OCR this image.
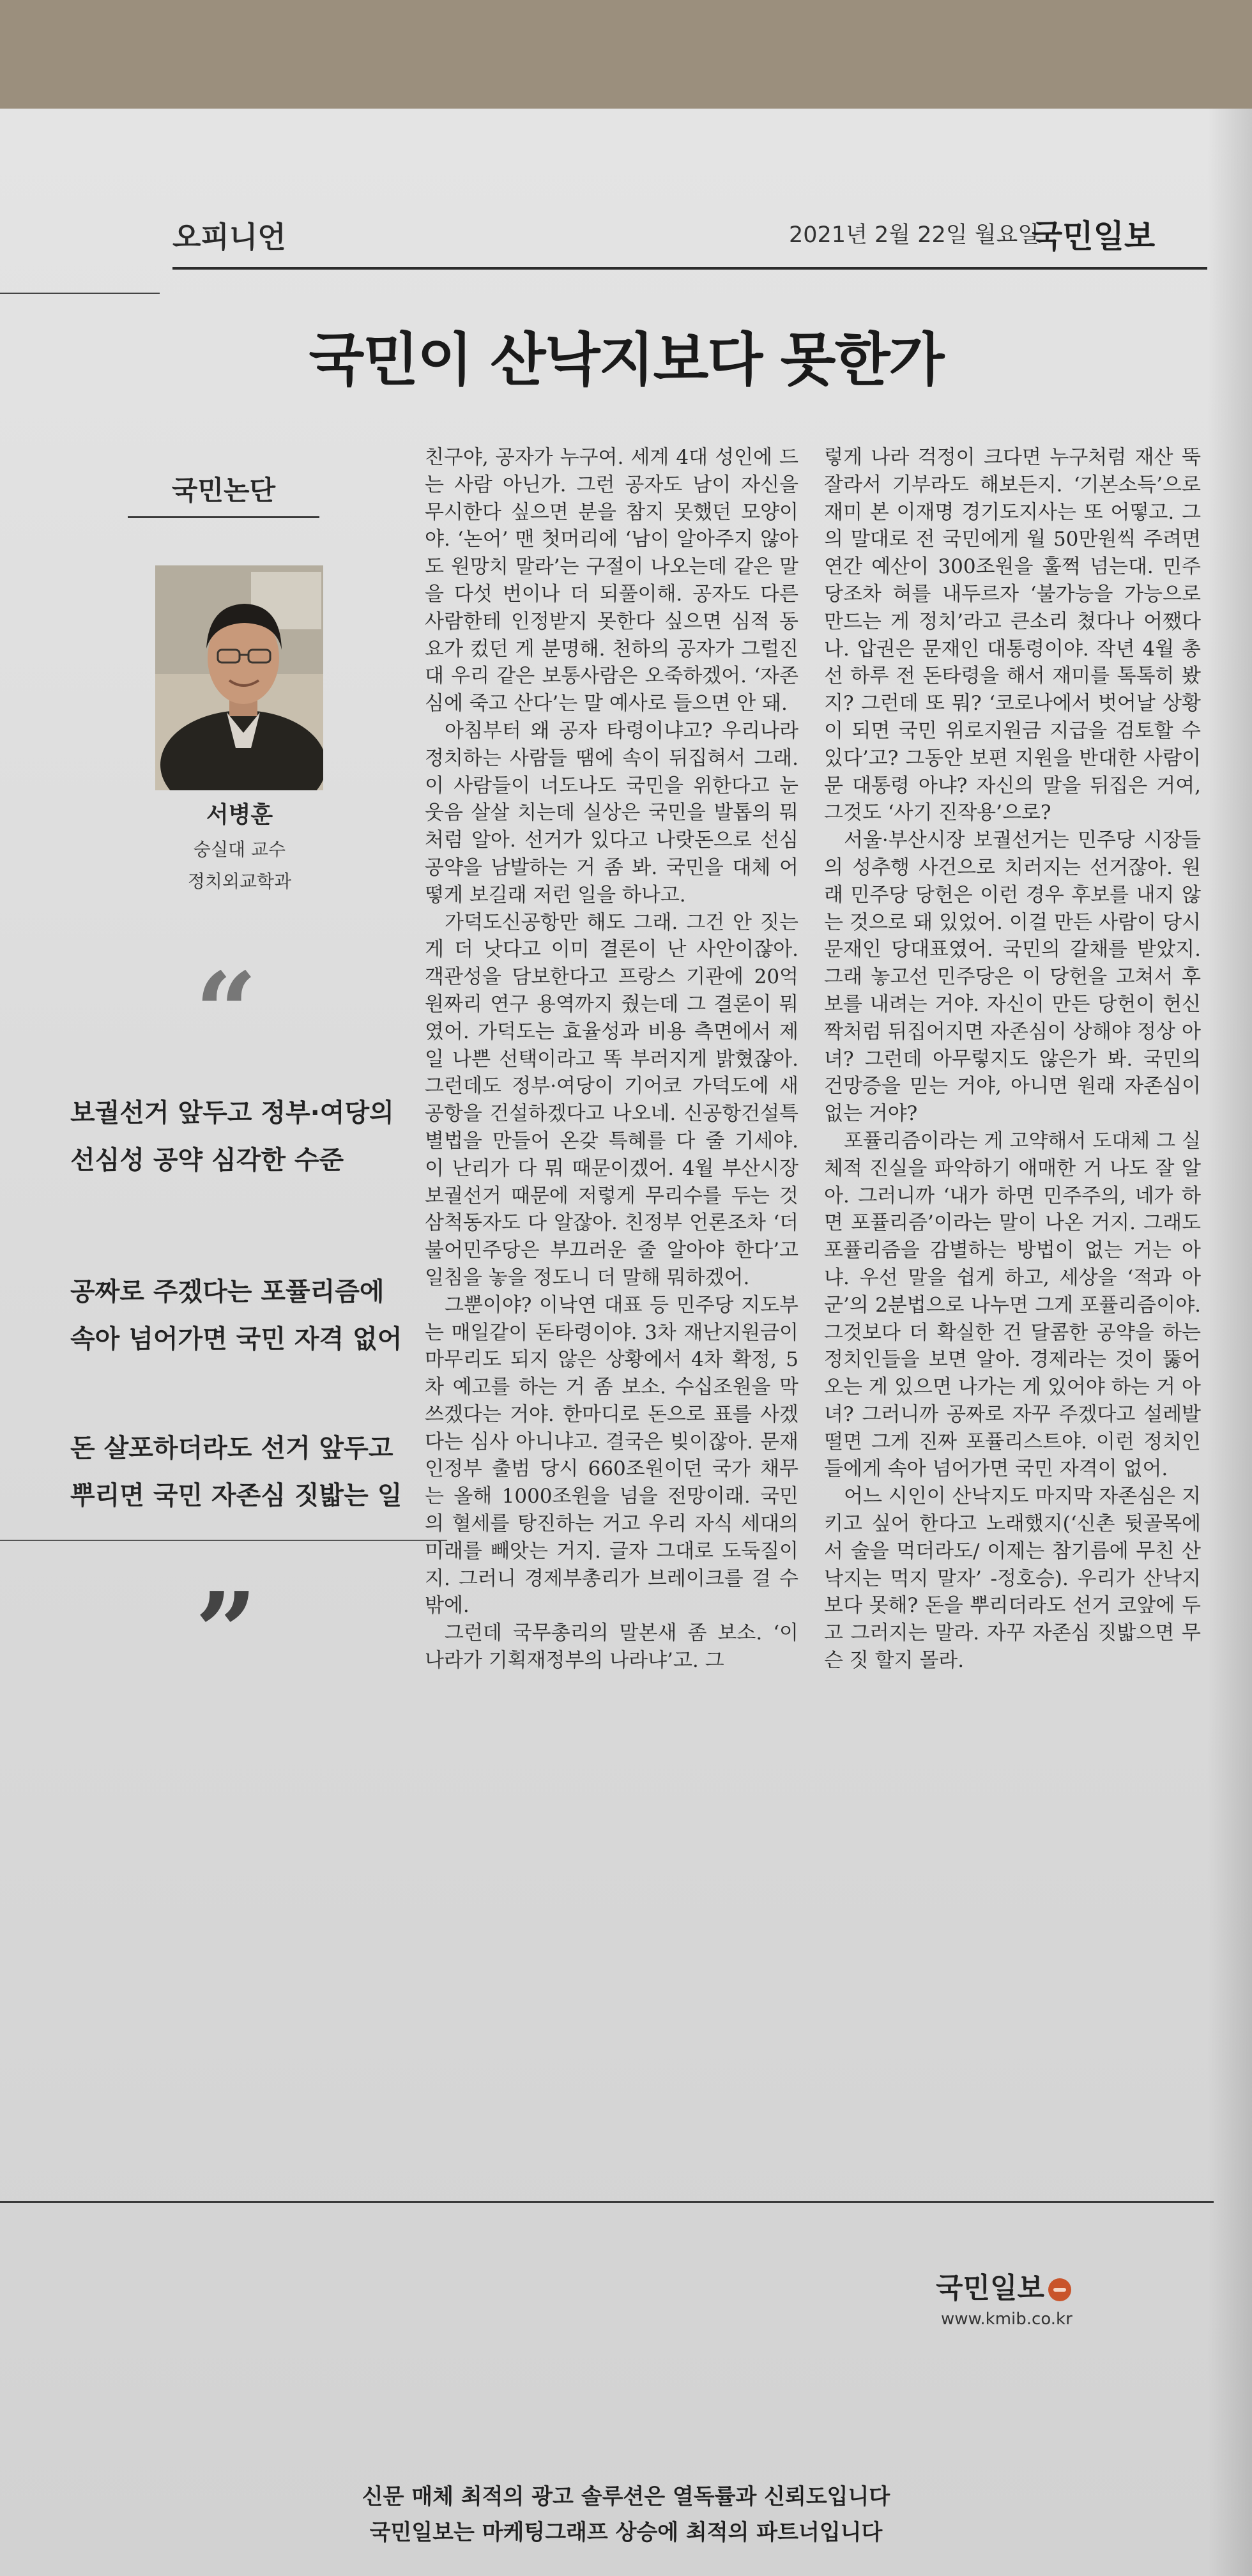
오피니언	2021년 2월 22일 월요일
국민일보
국민이 산낙지보다 못한가
국민논단
서병훈
숭실대 교수
정치외교학과
“

보궐선거 앞두고 정부·여당의

선심성 공약 심각한 수준

공짜로 주겠다는 포퓰리즘에

속아 넘어가면 국민 자격 없어

돈 살포하더라도 선거 앞두고

뿌리면 국민 자존심 짓밟는 일

”

친구야, 공자가 누구여. 세계 4대 성인에 드는 사람 아닌가. 그런 공자도 남이 자신을 무시한다 싶으면 분을 참지 못했던 모양이야. ‘논어’ 맨 첫머리에 ‘남이 알아주지 않아도 원망치 말라’는 구절이 나오는데 같은 말을 다섯 번이나 더 되풀이해. 공자도 다른 사람한테 인정받지 못한다 싶으면 심적 동요가 컸던 게 분명해. 천하의 공자가 그럴진대 우리 같은 보통사람은 오죽하겠어. ‘자존심에 죽고 산다’는 말 예사로 들으면 안 돼.

아침부터 왜 공자 타령이냐고? 우리나라 정치하는 사람들 땜에 속이 뒤집혀서 그래. 이 사람들이 너도나도 국민을 위한다고 눈웃음 살살 치는데 실상은 국민을 발톱의 뭐처럼 알아. 선거가 있다고 나랏돈으로 선심 공약을 남발하는 거 좀 봐. 국민을 대체 어떻게 보길래 저런 일을 하나고.

가덕도신공항만 해도 그래. 그건 안 짓는 게 더 낫다고 이미 결론이 난 사안이잖아. 객관성을 담보한다고 프랑스 기관에 20억원짜리 연구 용역까지 줬는데 그 결론이 뭐였어. 가덕도는 효율성과 비용 측면에서 제일 나쁜 선택이라고 똑 부러지게 밝혔잖아. 그런데도 정부·여당이 기어코 가덕도에 새 공항을 건설하겠다고 나오네. 신공항건설특별법을 만들어 온갖 특혜를 다 줄 기세야. 이 난리가 다 뭐 때문이겠어. 4월 부산시장 보궐선거 때문에 저렇게 무리수를 두는 것 삼척동자도 다 알잖아. 친정부 언론조차 ‘더불어민주당은 부끄러운 줄 알아야 한다’고 일침을 놓을 정도니 더 말해 뭐하겠어.

그뿐이야? 이낙연 대표 등 민주당 지도부는 매일같이 돈타령이야. 3차 재난지원금이 마무리도 되지 않은 상황에서 4차 확정, 5차 예고를 하는 거 좀 보소. 수십조원을 막 쓰겠다는 거야. 한마디로 돈으로 표를 사겠다는 심사 아니냐고. 결국은 빚이잖아. 문재인정부 출범 당시 660조원이던 국가 채무는 올해 1000조원을 넘을 전망이래. 국민의 혈세를 탕진하는 거고 우리 자식 세대의 미래를 빼앗는 거지. 글자 그대로 도둑질이지. 그러니 경제부총리가 브레이크를 걸 수밖에.

그런데 국무총리의 말본새 좀 보소. ‘이 나라가 기획재정부의 나라냐’고. 그

렇게 나라 걱정이 크다면 누구처럼 재산 뚝 잘라서 기부라도 해보든지. ‘기본소득’으로 재미 본 이재명 경기도지사는 또 어떻고. 그의 말대로 전 국민에게 월 50만원씩 주려면 연간 예산이 300조원을 훌쩍 넘는대. 민주당조차 혀를 내두르자 ‘불가능을 가능으로 만드는 게 정치’라고 큰소리 쳤다나 어쨌다나. 압권은 문재인 대통령이야. 작년 4월 총선 하루 전 돈타령을 해서 재미를 톡톡히 봤지? 그런데 또 뭐? ‘코로나에서 벗어날 상황이 되면 국민 위로지원금 지급을 검토할 수 있다’고? 그동안 보편 지원을 반대한 사람이 문 대통령 아냐? 자신의 말을 뒤집은 거여, 그것도 ‘사기 진작용’으로?

서울·부산시장 보궐선거는 민주당 시장들의 성추행 사건으로 치러지는 선거잖아. 원래 민주당 당헌은 이런 경우 후보를 내지 않는 것으로 돼 있었어. 이걸 만든 사람이 당시 문재인 당대표였어. 국민의 갈채를 받았지. 그래 놓고선 민주당은 이 당헌을 고쳐서 후보를 내려는 거야. 자신이 만든 당헌이 헌신짝처럼 뒤집어지면 자존심이 상해야 정상 아녀? 그런데 아무렇지도 않은가 봐. 국민의 건망증을 믿는 거야, 아니면 원래 자존심이 없는 거야?

포퓰리즘이라는 게 고약해서 도대체 그 실체적 진실을 파악하기 애매한 거 나도 잘 알아. 그러니까 ‘내가 하면 민주주의, 네가 하면 포퓰리즘’이라는 말이 나온 거지. 그래도 포퓰리즘을 감별하는 방법이 없는 거는 아냐. 우선 말을 쉽게 하고, 세상을 ‘적과 아군’의 2분법으로 나누면 그게 포퓰리즘이야. 그것보다 더 확실한 건 달콤한 공약을 하는 정치인들을 보면 알아. 경제라는 것이 뚫어오는 게 있으면 나가는 게 있어야 하는 거 아녀? 그러니까 공짜로 자꾸 주겠다고 설레발 떨면 그게 진짜 포퓰리스트야. 이런 정치인들에게 속아 넘어가면 국민 자격이 없어.

어느 시인이 산낙지도 마지막 자존심은 지키고 싶어 한다고 노래했지(‘신촌 뒷골목에서 술을 먹더라도/ 이제는 참기름에 무친 산낙지는 먹지 말자’ -정호승). 우리가 산낙지보다 못해? 돈을 뿌리더라도 선거 코앞에 두고 그러지는 말라. 자꾸 자존심 짓밟으면 무슨 짓 할지 몰라.

국민일보
www.kmib.co.kr
신문 매체 최적의 광고 솔루션은 열독률과 신뢰도입니다
국민일보는 마케팅그래프 상승에 최적의 파트너입니다
